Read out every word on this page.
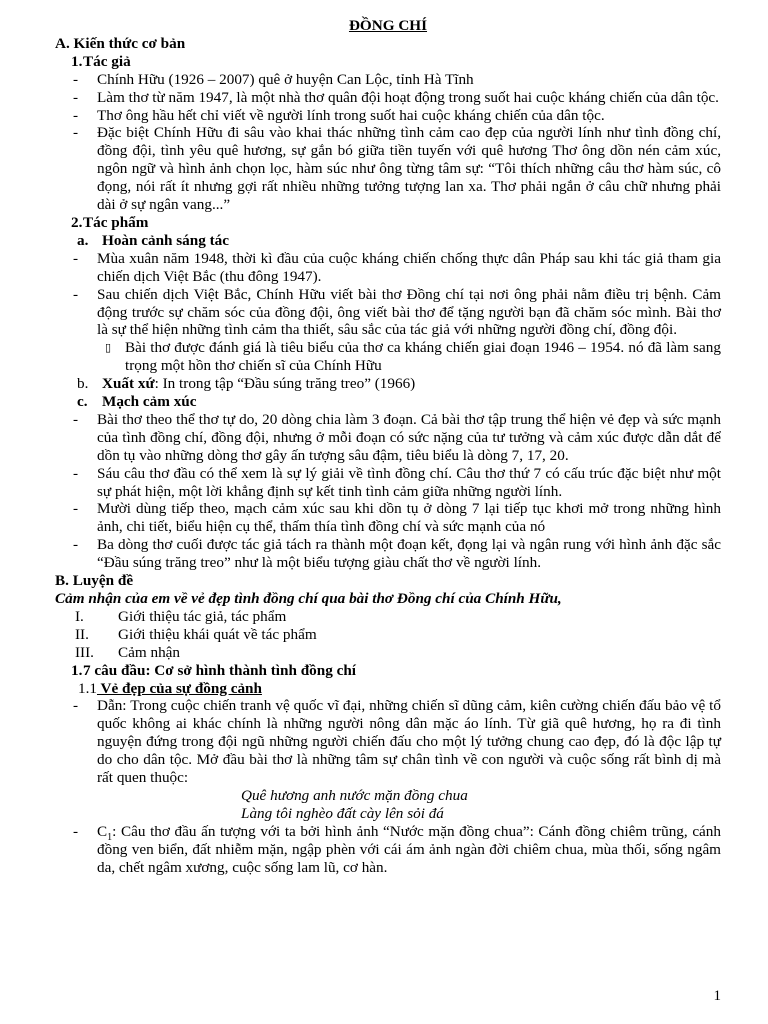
ĐỒNG CHÍ
A. Kiến thức cơ bản
1. Tác giả
- Chính Hữu (1926 – 2007) quê ở huyện Can Lộc, tỉnh Hà Tĩnh
- Làm thơ từ năm 1947, là một nhà thơ quân đội hoạt động trong suốt hai cuộc kháng chiến của dân tộc.
- Thơ ông hầu hết chỉ viết về người lính trong suốt hai cuộc kháng chiến của dân tộc.
- Đặc biệt Chính Hữu đi sâu vào khai thác những tình cảm cao đẹp của người lính như tình đồng chí, đồng đội, tình yêu quê hương, sự gắn bó giữa tiền tuyến với quê hương Thơ ông dồn nén cảm xúc, ngôn ngữ và hình ảnh chọn lọc, hàm súc như ông từng tâm sự: “Tôi thích những câu thơ hàm súc, cô đọng, nói rất ít nhưng gợi rất nhiều những tưởng tượng lan xa. Thơ phải ngắn ở câu chữ nhưng phải dài ở sự ngân vang...”
2. Tác phẩm
a. Hoàn cảnh sáng tác
- Mùa xuân năm 1948, thời kì đầu của cuộc kháng chiến chống thực dân Pháp sau khi tác giả tham gia chiến dịch Việt Bắc (thu đông 1947).
- Sau chiến dịch Việt Bắc, Chính Hữu viết bài thơ Đồng chí tại nơi ông phải nằm điều trị bệnh. Cảm động trước sự chăm sóc của đồng đội, ông viết bài thơ để tặng người bạn đã chăm sóc mình. Bài thơ là sự thể hiện những tình cảm tha thiết, sâu sắc của tác giả với những người đồng chí, đồng đội.
▯ Bài thơ được đánh giá là tiêu biểu của thơ ca kháng chiến giai đoạn 1946 – 1954. nó đã làm sang trọng một hồn thơ chiến sĩ của Chính Hữu
b. Xuất xứ: In trong tập “Đầu súng trăng treo” (1966)
c. Mạch cảm xúc
- Bài thơ theo thể thơ tự do, 20 dòng chia làm 3 đoạn. Cả bài thơ tập trung thể hiện vẻ đẹp và sức mạnh của tình đồng chí, đồng đội, nhưng ở mỗi đoạn có sức nặng của tư tưởng và cảm xúc được dẫn dắt để dồn tụ vào những dòng thơ gây ấn tượng sâu đậm, tiêu biểu là dòng 7, 17, 20.
- Sáu câu thơ đầu có thể xem là sự lý giải về tình đồng chí. Câu thơ thứ 7 có cấu trúc đặc biệt như một sự phát hiện, một lời khẳng định sự kết tinh tình cảm giữa những người lính.
- Mười dùng tiếp theo, mạch cảm xúc sau khi dồn tụ ở dòng 7 lại tiếp tục khơi mở trong những hình ảnh, chi tiết, biểu hiện cụ thể, thấm thía tình đồng chí và sức mạnh của nó
- Ba dòng thơ cuối được tác giả tách ra thành một đoạn kết, đọng lại và ngân rung với hình ảnh đặc sắc “Đầu súng trăng treo” như là một biểu tượng giàu chất thơ về người lính.
B. Luyện đề
Cảm nhận của em về vẻ đẹp tình đồng chí qua bài thơ Đồng chí của Chính Hữu,
I. Giới thiệu tác giả, tác phẩm
II. Giới thiệu khái quát về tác phẩm
III. Cảm nhận
1. 7 câu đầu: Cơ sở hình thành tình đồng chí
1.1 Vẻ đẹp của sự đồng cảnh
- Dẫn: Trong cuộc chiến tranh vệ quốc vĩ đại, những chiến sĩ dũng cảm, kiên cường chiến đấu bảo vệ tổ quốc không ai khác chính là những người nông dân mặc áo lính. Từ giã quê hương, họ ra đi tình nguyện đứng trong đội ngũ những người chiến đấu cho một lý tưởng chung cao đẹp, đó là độc lập tự do cho dân tộc. Mở đầu bài thơ là những tâm sự chân tình về con người và cuộc sống rất bình dị mà rất quen thuộc:
Quê hương anh nước mặn đồng chua
Làng tôi nghèo đất cày lên sỏi đá
- $C_1$: Câu thơ đầu ấn tượng với ta bởi hình ảnh “Nước mặn đồng chua”: Cánh đồng chiêm trũng, cánh đồng ven biển, đất nhiễm mặn, ngập phèn với cái ám ảnh ngàn đời chiêm chua, mùa thối, sống ngâm da, chết ngâm xương, cuộc sống lam lũ, cơ hàn.
1
